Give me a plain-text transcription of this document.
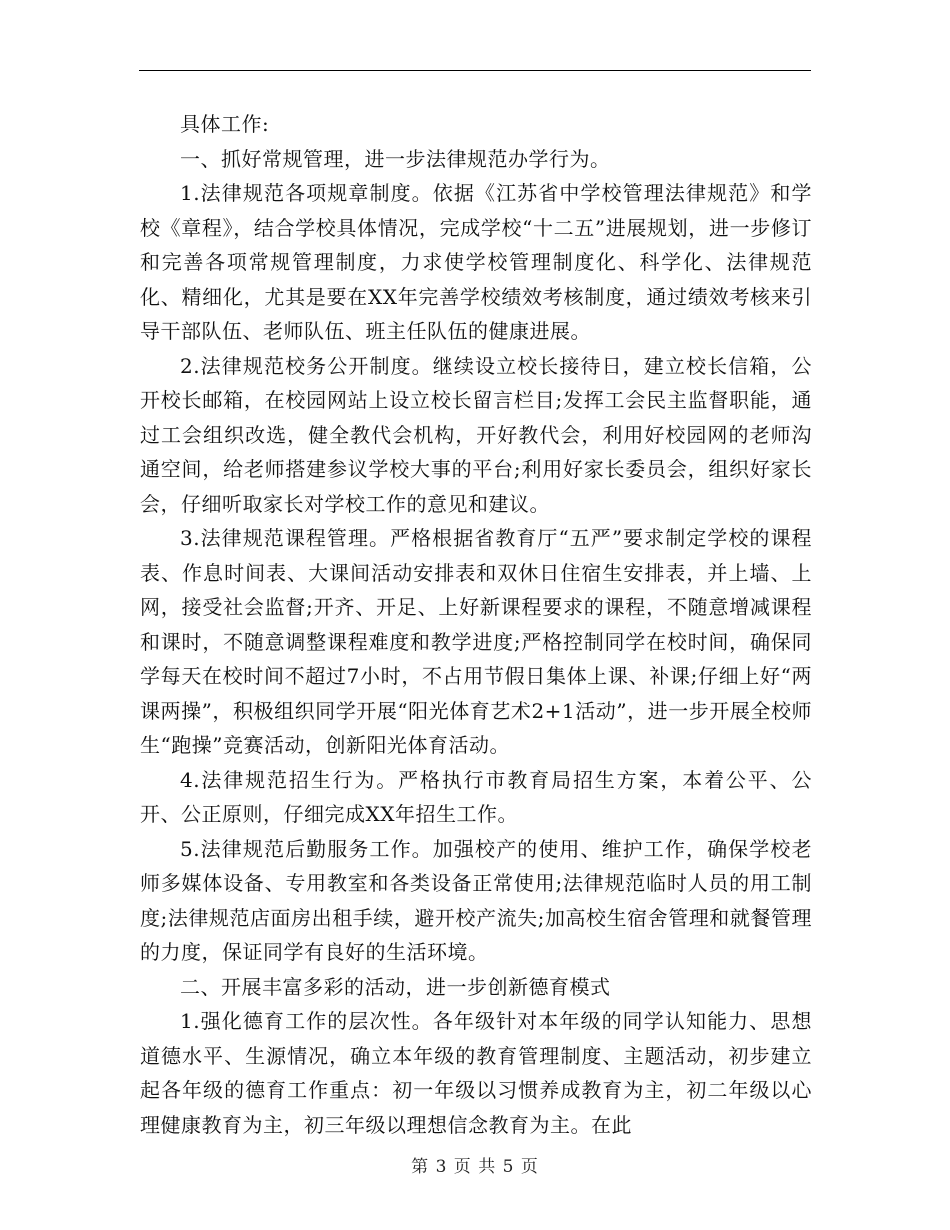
具体工作:

一、抓好常规管理，进一步法律规范办学行为。

1.法律规范各项规章制度。依据《江苏省中学校管理法律规范》和学校《章程》，结合学校具体情况，完成学校“十二五”进展规划，进一步修订和完善各项常规管理制度，力求使学校管理制度化、科学化、法律规范化、精细化，尤其是要在XX年完善学校绩效考核制度，通过绩效考核来引导干部队伍、老师队伍、班主任队伍的健康进展。

2.法律规范校务公开制度。继续设立校长接待日，建立校长信箱，公开校长邮箱，在校园网站上设立校长留言栏目;发挥工会民主监督职能，通过工会组织改选，健全教代会机构，开好教代会，利用好校园网的老师沟通空间，给老师搭建参议学校大事的平台;利用好家长委员会，组织好家长会，仔细听取家长对学校工作的意见和建议。

3.法律规范课程管理。严格根据省教育厅“五严”要求制定学校的课程表、作息时间表、大课间活动安排表和双休日住宿生安排表，并上墙、上网，接受社会监督;开齐、开足、上好新课程要求的课程，不随意增减课程和课时，不随意调整课程难度和教学进度;严格控制同学在校时间，确保同学每天在校时间不超过7小时，不占用节假日集体上课、补课;仔细上好“两课两操”，积极组织同学开展“阳光体育艺术2+1活动”，进一步开展全校师生“跑操”竞赛活动，创新阳光体育活动。

4.法律规范招生行为。严格执行市教育局招生方案，本着公平、公开、公正原则，仔细完成XX年招生工作。

5.法律规范后勤服务工作。加强校产的使用、维护工作，确保学校老师多媒体设备、专用教室和各类设备正常使用;法律规范临时人员的用工制度;法律规范店面房出租手续，避开校产流失;加高校生宿舍管理和就餐管理的力度，保证同学有良好的生活环境。

二、开展丰富多彩的活动，进一步创新德育模式

1.强化德育工作的层次性。各年级针对本年级的同学认知能力、思想道德水平、生源情况，确立本年级的教育管理制度、主题活动，初步建立起各年级的德育工作重点：初一年级以习惯养成教育为主，初二年级以心理健康教育为主，初三年级以理想信念教育为主。在此

第 3 页 共 5 页
